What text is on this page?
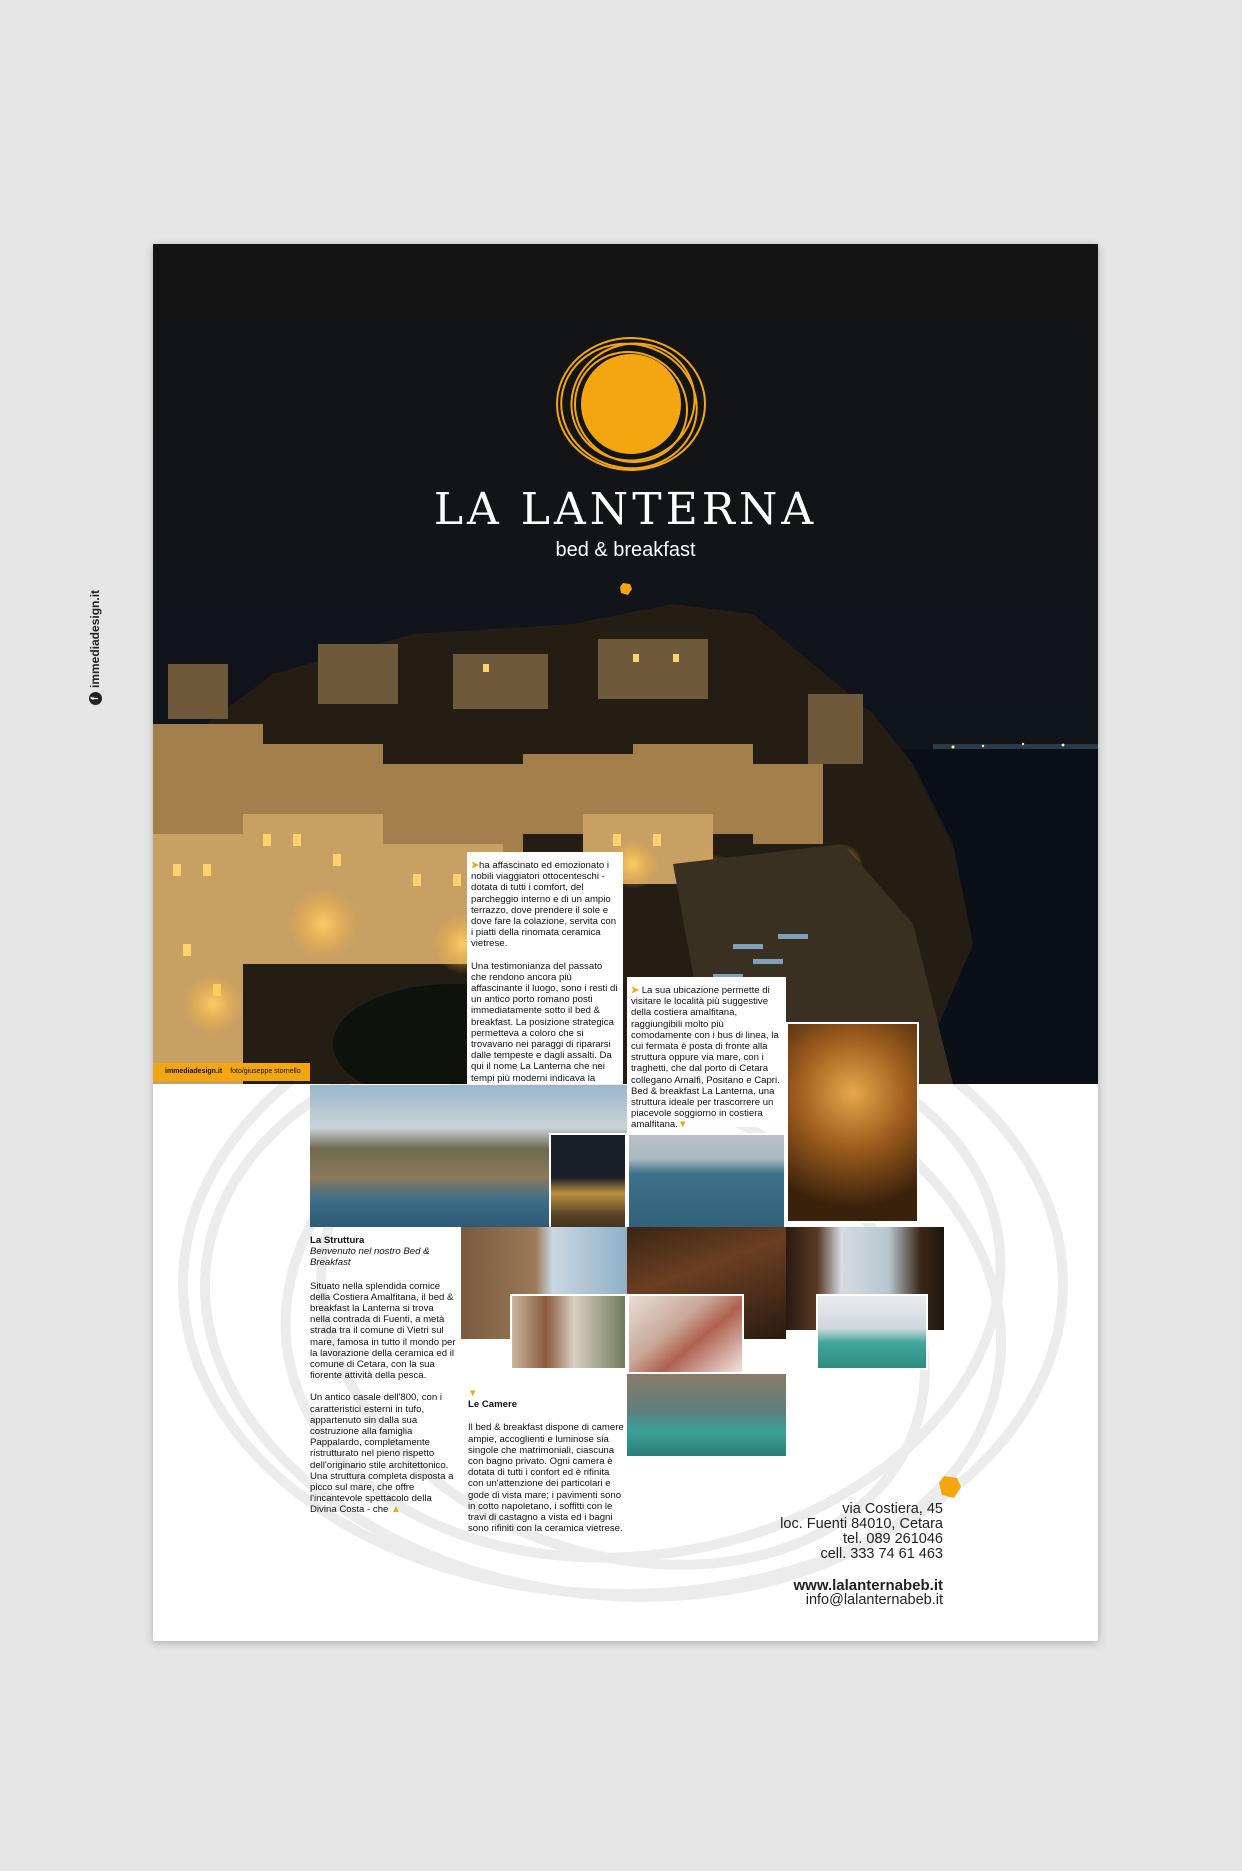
f
immediadesign.it
LA LANTERNA
bed & breakfast
immediadesign.it foto/giuseppe stornello

➤ha affascinato ed emozionato i nobili viaggiatori ottocenteschi - dotata di tutti i comfort, del parcheggio interno e di un ampio terrazzo, dove prendere il sole e dove fare la colazione, servita con i piatti della rinomata ceramica vietrese.

Una testimonianza del passato che rendono ancora più affascinante il luogo, sono i resti di un antico porto romano posti immediatamente sotto il bed & breakfast. La posizione strategica permetteva a coloro che si trovavano nei paraggi di ripararsi dalle tempeste e dagli assalti. Da qui il nome La Lanterna che nei tempi più moderni indicava la

➤ La sua ubicazione permette di visitare le località più suggestive della costiera amalfitana, raggiungibili molto più comodamente con i bus di linea, la cui fermata è posta di fronte alla struttura oppure via mare, con i traghetti, che dal porto di Cetara collegano Amalfi, Positano e Capri. Bed & breakfast La Lanterna, una struttura ideale per trascorrere un piacevole soggiorno in costiera amalfitana.▼

La Struttura

Benvenuto nel nostro Bed & Breakfast

Situato nella splendida cornice della Costiera Amalfitana, il bed & breakfast la Lanterna si trova nella contrada di Fuenti, a metà strada tra il comune di Vietri sul mare, famosa in tutto il mondo per la lavorazione della ceramica ed il comune di Cetara, con la sua fiorente attività della pesca.

Un antico casale dell'800, con i caratteristici esterni in tufo, appartenuto sin dalla sua costruzione alla famiglia Pappalardo, completamente ristrutturato nel pieno rispetto dell'originario stile architettonico. Una struttura completa disposta a picco sul mare, che offre l'incantevole spettacolo della Divina Costa - che ▲

▼

Le Camere

Il bed & breakfast dispone di camere ampie, accoglienti e luminose sia singole che matrimoniali, ciascuna con bagno privato. Ogni camera è dotata di tutti i confort ed è rifinita con un'attenzione dei particolari e gode di vista mare; i pavimenti sono in cotto napoletano, i soffitti con le travi di castagno a vista ed i bagni sono rifiniti con la ceramica vietrese.

via Costiera, 45
loc. Fuenti 84010, Cetara
tel. 089 261046
cell. 333 74 61 463
www.lalanternabeb.it
info@lalanternabeb.it
